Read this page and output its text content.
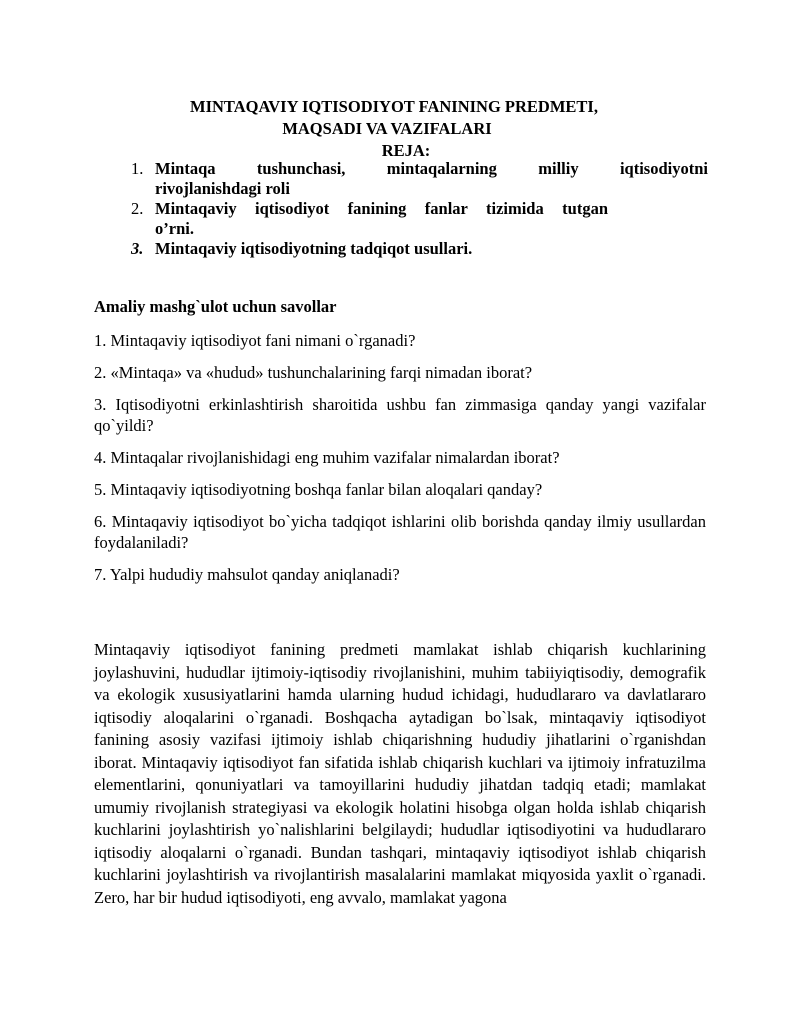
MINTAQAVIY IQTISODIYOT FANINING PREDMETI,
MAQSADI VA VAZIFALARI
REJA:
1. Mintaqa tushunchasi, mintaqalarning milliy iqtisodiyotni
rivojlanishdagi roli
2. Mintaqaviy iqtisodiyot fanining fanlar tizimida tutgan
o’rni.
3. Mintaqaviy iqtisodiyotning tadqiqot usullari.

Amaliy mashg`ulot uchun savollar

1. Mintaqaviy iqtisodiyot fani nimani o`rganadi?

2. «Mintaqa» va «hudud» tushunchalarining farqi nimadan iborat?

3. Iqtisodiyotni erkinlashtirish sharoitida ushbu fan zimmasiga qanday yangi vazifalar qo`yildi?

4. Mintaqalar rivojlanishidagi eng muhim vazifalar nimalardan iborat?

5. Mintaqaviy iqtisodiyotning boshqa fanlar bilan aloqalari qanday?

6. Mintaqaviy iqtisodiyot bo`yicha tadqiqot ishlarini olib borishda qanday ilmiy usullardan foydalaniladi?

7. Yalpi hududiy mahsulot qanday aniqlanadi?

Mintaqaviy iqtisodiyot fanining predmeti mamlakat ishlab chiqarish kuchlarining joylashuvini, hududlar ijtimoiy-iqtisodiy rivojlanishini, muhim tabiiyiqtisodiy, demografik va ekologik xususiyatlarini hamda ularning hudud ichidagi, hududlararo va davlatlararo iqtisodiy aloqalarini o`rganadi. Boshqacha aytadigan bo`lsak, mintaqaviy iqtisodiyot fanining asosiy vazifasi ijtimoiy ishlab chiqarishning hududiy jihatlarini o`rganishdan iborat. Mintaqaviy iqtisodiyot fan sifatida ishlab chiqarish kuchlari va ijtimoiy infratuzilma elementlarini, qonuniyatlari va tamoyillarini hududiy jihatdan tadqiq etadi; mamlakat umumiy rivojlanish strategiyasi va ekologik holatini hisobga olgan holda ishlab chiqarish kuchlarini joylashtirish yo`nalishlarini belgilaydi; hududlar iqtisodiyotini va hududlararo iqtisodiy aloqalarni o`rganadi. Bundan tashqari, mintaqaviy iqtisodiyot ishlab chiqarish kuchlarini joylashtirish va rivojlantirish masalalarini mamlakat miqyosida yaxlit o`rganadi. Zero, har bir hudud iqtisodiyoti, eng avvalo, mamlakat yagona
